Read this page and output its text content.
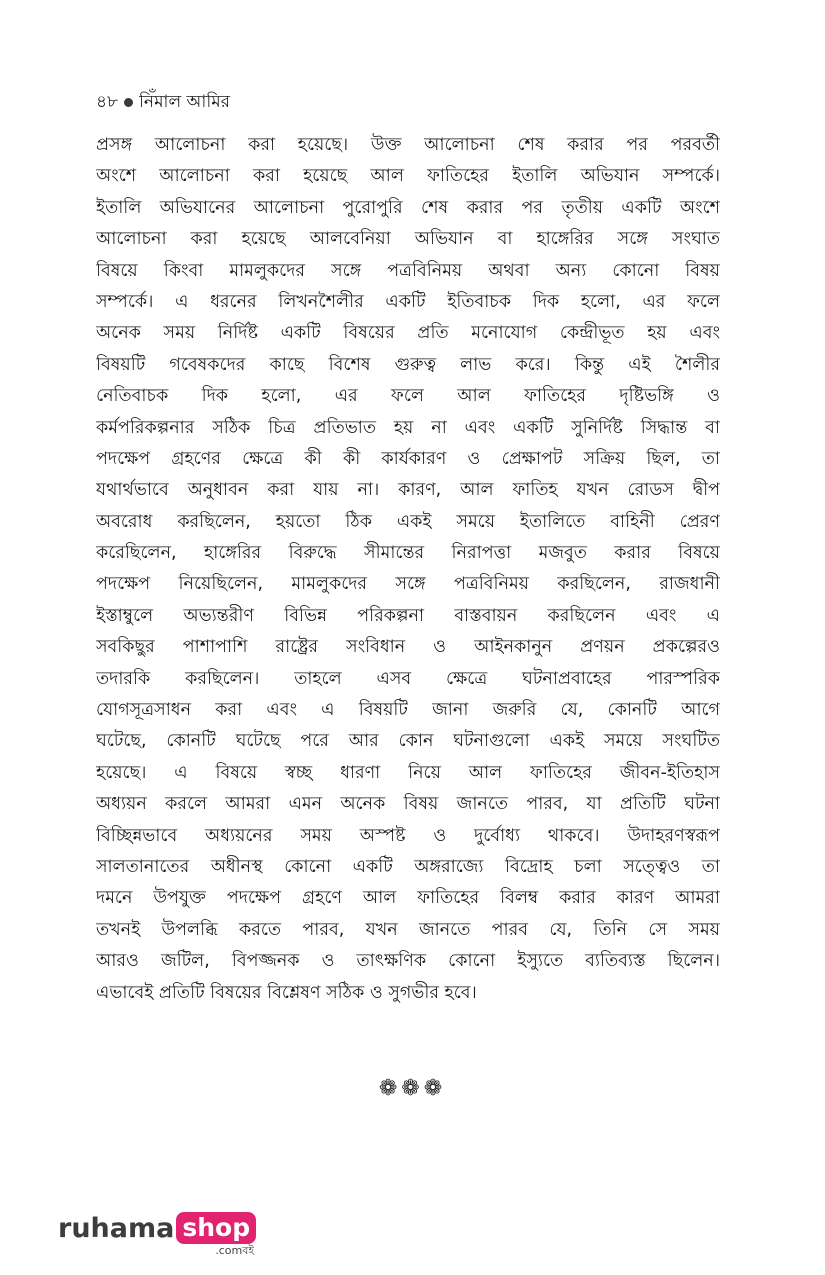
৪৮ নিঁমাল আমির
প্রসঙ্গ আলোচনা করা হয়েছে। উক্ত আলোচনা শেষ করার পর পরবর্তী
অংশে আলোচনা করা হয়েছে আল ফাতিহের ইতালি অভিযান সম্পর্কে।
ইতালি অভিযানের আলোচনা পুরোপুরি শেষ করার পর তৃতীয় একটি অংশে
আলোচনা করা হয়েছে আলবেনিয়া অভিযান বা হাঙ্গেরির সঙ্গে সংঘাত
বিষয়ে কিংবা মামলুকদের সঙ্গে পত্রবিনিময় অথবা অন্য কোনো বিষয়
সম্পর্কে। এ ধরনের লিখনশৈলীর একটি ইতিবাচক দিক হলো, এর ফলে
অনেক সময় নির্দিষ্ট একটি বিষয়ের প্রতি মনোযোগ কেন্দ্রীভূত হয় এবং
বিষয়টি গবেষকদের কাছে বিশেষ গুরুত্ব লাভ করে। কিন্তু এই শৈলীর
নেতিবাচক দিক হলো, এর ফলে আল ফাতিহের দৃষ্টিভঙ্গি ও
কর্মপরিকল্পনার সঠিক চিত্র প্রতিভাত হয় না এবং একটি সুনির্দিষ্ট সিদ্ধান্ত বা
পদক্ষেপ গ্রহণের ক্ষেত্রে কী কী কার্যকারণ ও প্রেক্ষাপট সক্রিয় ছিল, তা
যথার্থভাবে অনুধাবন করা যায় না। কারণ, আল ফাতিহ যখন রোডস দ্বীপ
অবরোধ করছিলেন, হয়তো ঠিক একই সময়ে ইতালিতে বাহিনী প্রেরণ
করেছিলেন, হাঙ্গেরির বিরুদ্ধে সীমান্তের নিরাপত্তা মজবুত করার বিষয়ে
পদক্ষেপ নিয়েছিলেন, মামলুকদের সঙ্গে পত্রবিনিময় করছিলেন, রাজধানী
ইস্তাম্বুলে অভ্যন্তরীণ বিভিন্ন পরিকল্পনা বাস্তবায়ন করছিলেন এবং এ
সবকিছুর পাশাপাশি রাষ্ট্রের সংবিধান ও আইনকানুন প্রণয়ন প্রকল্পেরও
তদারকি করছিলেন। তাহলে এসব ক্ষেত্রে ঘটনাপ্রবাহের পারস্পরিক
যোগসূত্রসাধন করা এবং এ বিষয়টি জানা জরুরি যে, কোনটি আগে
ঘটেছে, কোনটি ঘটেছে পরে আর কোন ঘটনাগুলো একই সময়ে সংঘটিত
হয়েছে। এ বিষয়ে স্বচ্ছ ধারণা নিয়ে আল ফাতিহের জীবন-ইতিহাস
অধ্যয়ন করলে আমরা এমন অনেক বিষয় জানতে পারব, যা প্রতিটি ঘটনা
বিচ্ছিন্নভাবে অধ্যয়নের সময় অস্পষ্ট ও দুর্বোধ্য থাকবে। উদাহরণস্বরূপ
সালতানাতের অধীনস্থ কোনো একটি অঙ্গরাজ্যে বিদ্রোহ চলা সত্ত্বেও তা
দমনে উপযুক্ত পদক্ষেপ গ্রহণে আল ফাতিহের বিলম্ব করার কারণ আমরা
তখনই উপলব্ধি করতে পারব, যখন জানতে পারব যে, তিনি সে সময়
আরও জটিল, বিপজ্জনক ও তাৎক্ষণিক কোনো ইস্যুতে ব্যতিব্যস্ত ছিলেন।
এভাবেই প্রতিটি বিষয়ের বিশ্লেষণ সঠিক ও সুগভীর হবে।
❁❁❁
ruhama shop
.comবই
